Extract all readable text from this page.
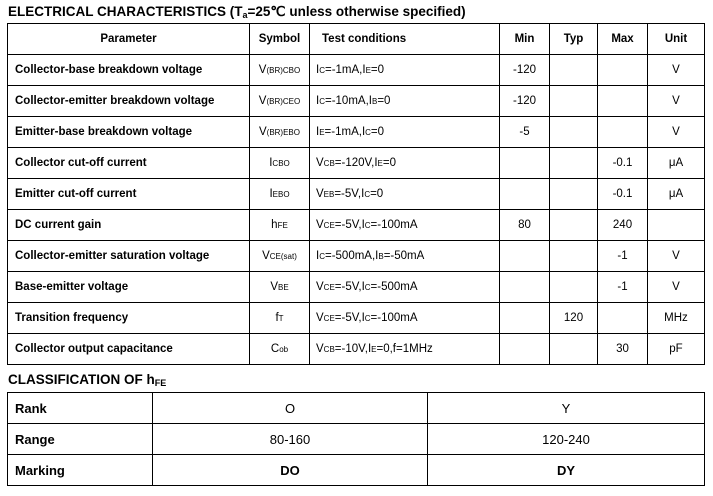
ELECTRICAL CHARACTERISTICS ($T_a=25℃$ unless otherwise specified)
Parameter	Symbol	Test conditions	Min	Typ	Max	Unit
Collector-base breakdown voltage	V(BR)CBO	IC=-1mA,IE=0	-120			V
Collector-emitter breakdown voltage	V(BR)CEO	IC=-10mA,IB=0	-120			V
Emitter-base breakdown voltage	V(BR)EBO	IE=-1mA,IC=0	-5			V
Collector cut-off current	ICBO	VCB=-120V,IE=0			-0.1	μA
Emitter cut-off current	IEBO	VEB=-5V,IC=0			-0.1	μA
DC current gain	hFE	VCE=-5V,IC=-100mA	80		240	
Collector-emitter saturation voltage	VCE(sat)	IC=-500mA,IB=-50mA			-1	V
Base-emitter voltage	VBE	VCE=-5V,IC=-500mA			-1	V
Transition frequency	fT	VCE=-5V,IC=-100mA		120		MHz
Collector output capacitance	Cob	VCB=-10V,IE=0,f=1MHz			30	pF
CLASSIFICATION OF $h_{FE}$
Rank	O	Y
Range	80-160	120-240
Marking	DO	DY
